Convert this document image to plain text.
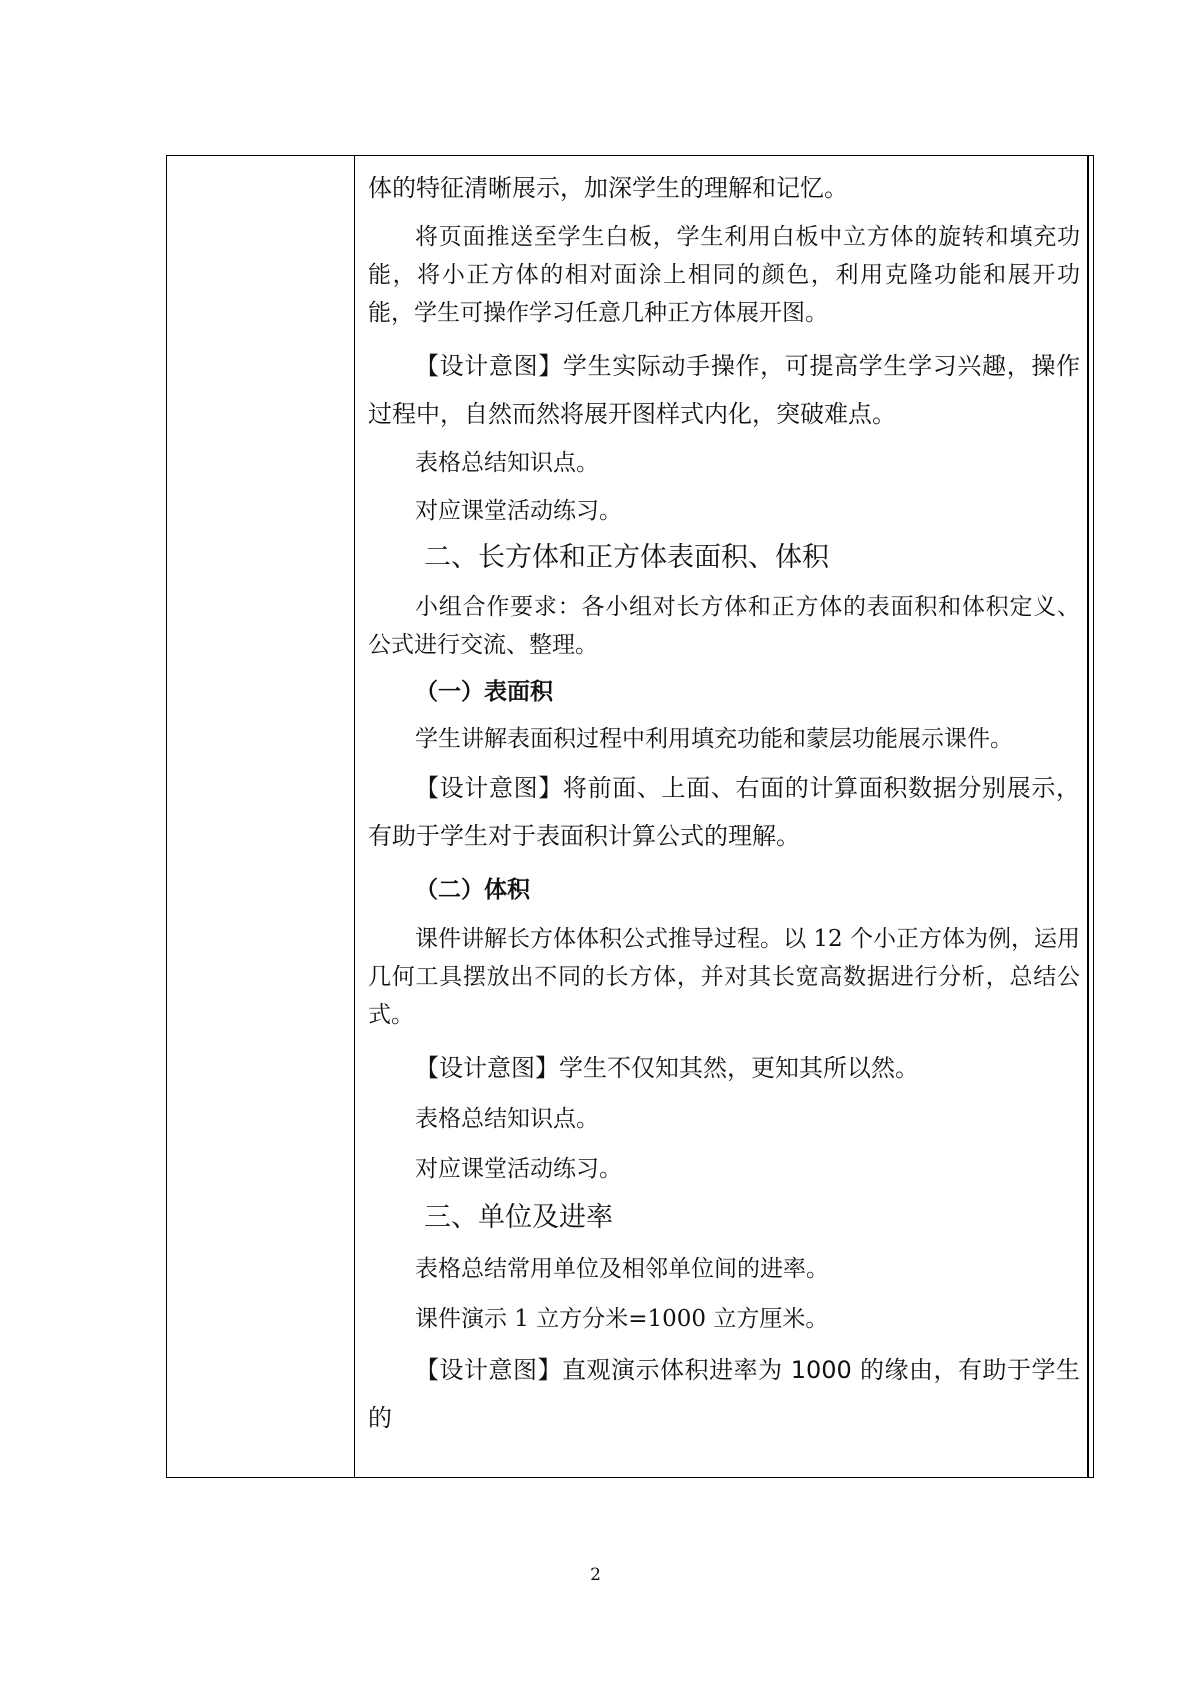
体的特征清晰展示，加深学生的理解和记忆。

将页面推送至学生白板，学生利用白板中立方体的旋转和填充功能，将小正方体的相对面涂上相同的颜色，利用克隆功能和展开功能，学生可操作学习任意几种正方体展开图。

【设计意图】学生实际动手操作，可提高学生学习兴趣，操作过程中，自然而然将展开图样式内化，突破难点。

表格总结知识点。

对应课堂活动练习。

二、长方体和正方体表面积、体积

小组合作要求：各小组对长方体和正方体的表面积和体积定义、公式进行交流、整理。

（一）表面积

学生讲解表面积过程中利用填充功能和蒙层功能展示课件。

【设计意图】将前面、上面、右面的计算面积数据分别展示，有助于学生对于表面积计算公式的理解。

（二）体积

课件讲解长方体体积公式推导过程。以 12 个小正方体为例，运用几何工具摆放出不同的长方体，并对其长宽高数据进行分析，总结公式。

【设计意图】学生不仅知其然，更知其所以然。

表格总结知识点。

对应课堂活动练习。

三、单位及进率

表格总结常用单位及相邻单位间的进率。

课件演示 1 立方分米=1000 立方厘米。

【设计意图】直观演示体积进率为 1000 的缘由，有助于学生的

2
